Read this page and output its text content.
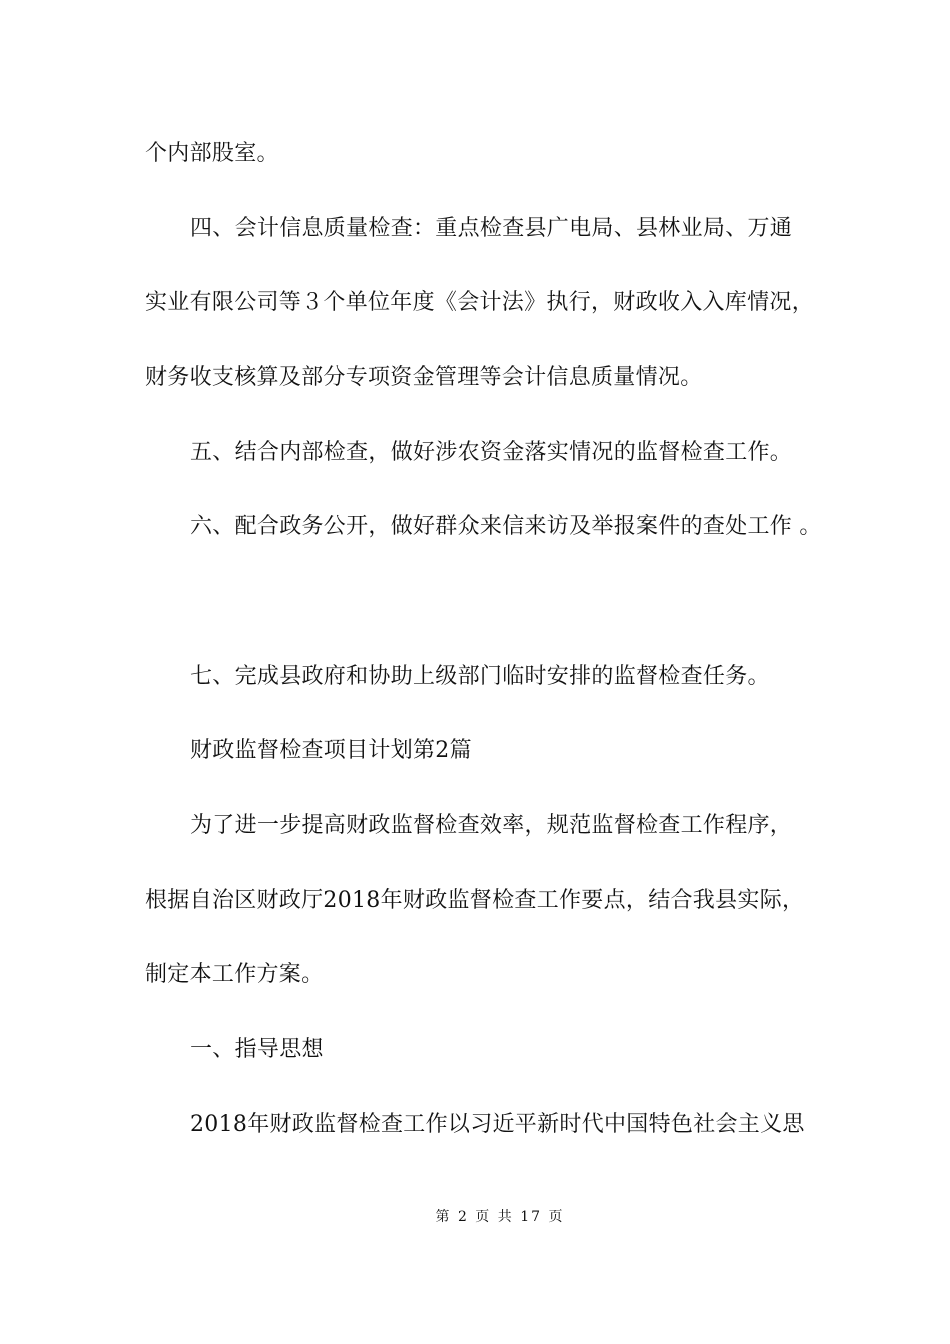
个内部股室。
四、会计信息质量检查：重点检查县广电局、县林业局、万通
实业有限公司等３个单位年度《会计法》执行，财政收入入库情况，
财务收支核算及部分专项资金管理等会计信息质量情况。
五、结合内部检查，做好涉农资金落实情况的监督检查工作。
六、配合政务公开，做好群众来信来访及举报案件的查处工作 。
七、完成县政府和协助上级部门临时安排的监督检查任务。
财政监督检查项目计划第2篇
为了进一步提高财政监督检查效率，规范监督检查工作程序，
根据自治区财政厅2018年财政监督检查工作要点，结合我县实际，
制定本工作方案。
一、指导思想
2018年财政监督检查工作以习近平新时代中国特色社会主义思
第 2 页 共 17 页
